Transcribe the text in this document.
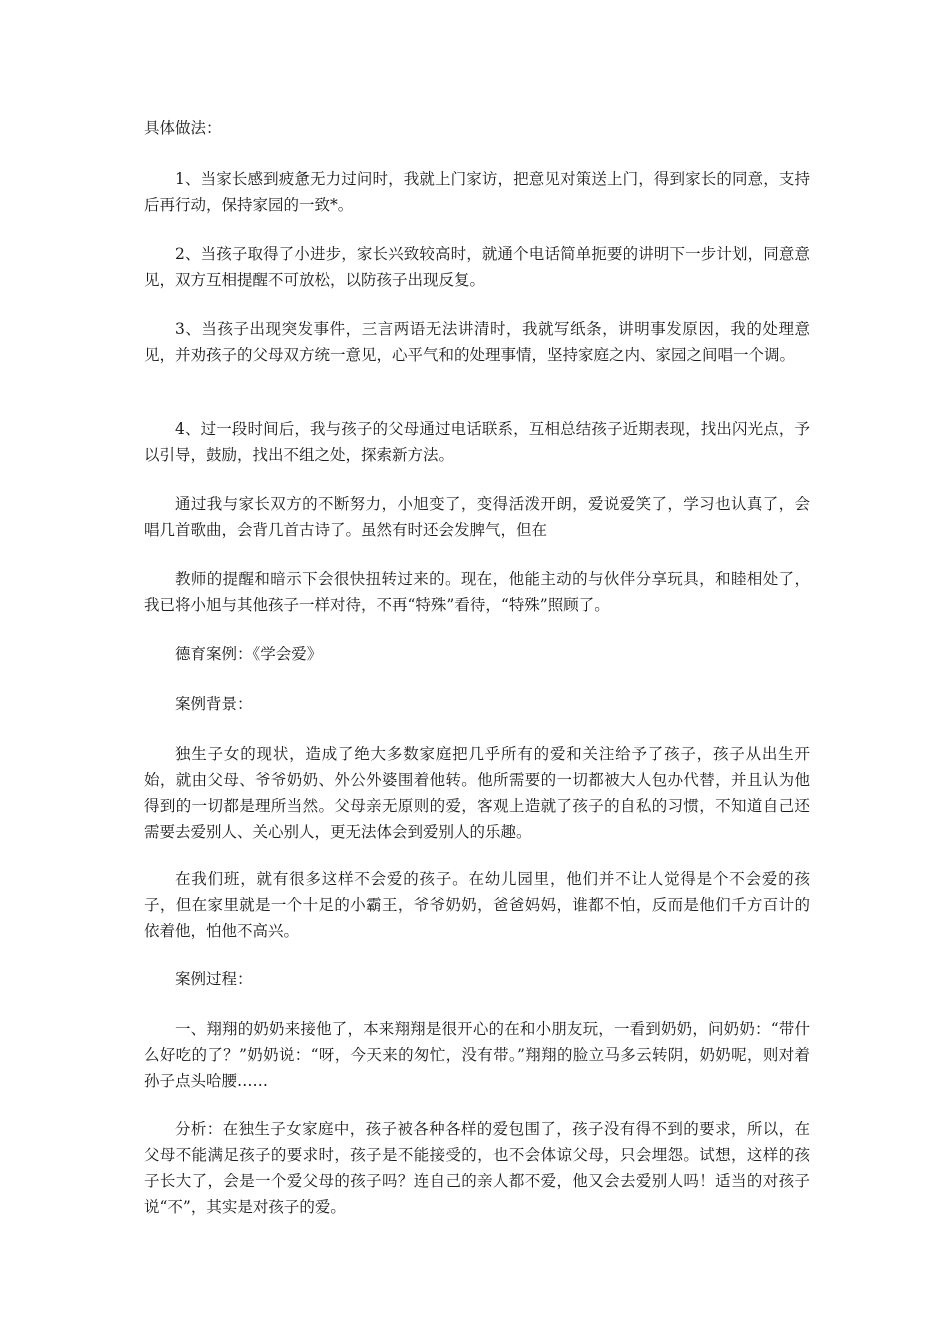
具体做法：
1、当家长感到疲惫无力过问时，我就上门家访，把意见对策送上门，得到家长的同意，支持后再行动，保持家园的一致*。
2、当孩子取得了小进步，家长兴致较高时，就通个电话简单扼要的讲明下一步计划，同意意见，双方互相提醒不可放松，以防孩子出现反复。
3、当孩子出现突发事件，三言两语无法讲清时，我就写纸条，讲明事发原因，我的处理意见，并劝孩子的父母双方统一意见，心平气和的处理事情，坚持家庭之内、家园之间唱一个调。
4、过一段时间后，我与孩子的父母通过电话联系，互相总结孩子近期表现，找出闪光点，予以引导，鼓励，找出不组之处，探索新方法。
通过我与家长双方的不断努力，小旭变了，变得活泼开朗，爱说爱笑了，学习也认真了，会唱几首歌曲，会背几首古诗了。虽然有时还会发脾气，但在
教师的提醒和暗示下会很快扭转过来的。现在，他能主动的与伙伴分享玩具，和睦相处了，我已将小旭与其他孩子一样对待，不再“特殊”看待，“特殊”照顾了。
德育案例：《学会爱》
案例背景：
独生子女的现状，造成了绝大多数家庭把几乎所有的爱和关注给予了孩子，孩子从出生开始，就由父母、爷爷奶奶、外公外婆围着他转。他所需要的一切都被大人包办代替，并且认为他得到的一切都是理所当然。父母亲无原则的爱，客观上造就了孩子的自私的习惯，不知道自己还需要去爱别人、关心别人，更无法体会到爱别人的乐趣。
在我们班，就有很多这样不会爱的孩子。在幼儿园里，他们并不让人觉得是个不会爱的孩子，但在家里就是一个十足的小霸王，爷爷奶奶，爸爸妈妈，谁都不怕，反而是他们千方百计的依着他，怕他不高兴。
案例过程：
一、翔翔的奶奶来接他了，本来翔翔是很开心的在和小朋友玩，一看到奶奶，问奶奶：“带什么好吃的了？”奶奶说：“呀，今天来的匆忙，没有带。”翔翔的脸立马多云转阴，奶奶呢，则对着孙子点头哈腰……
分析：在独生子女家庭中，孩子被各种各样的爱包围了，孩子没有得不到的要求，所以，在父母不能满足孩子的要求时，孩子是不能接受的，也不会体谅父母，只会埋怨。试想，这样的孩子长大了，会是一个爱父母的孩子吗？连自己的亲人都不爱，他又会去爱别人吗！适当的对孩子说“不”，其实是对孩子的爱。
